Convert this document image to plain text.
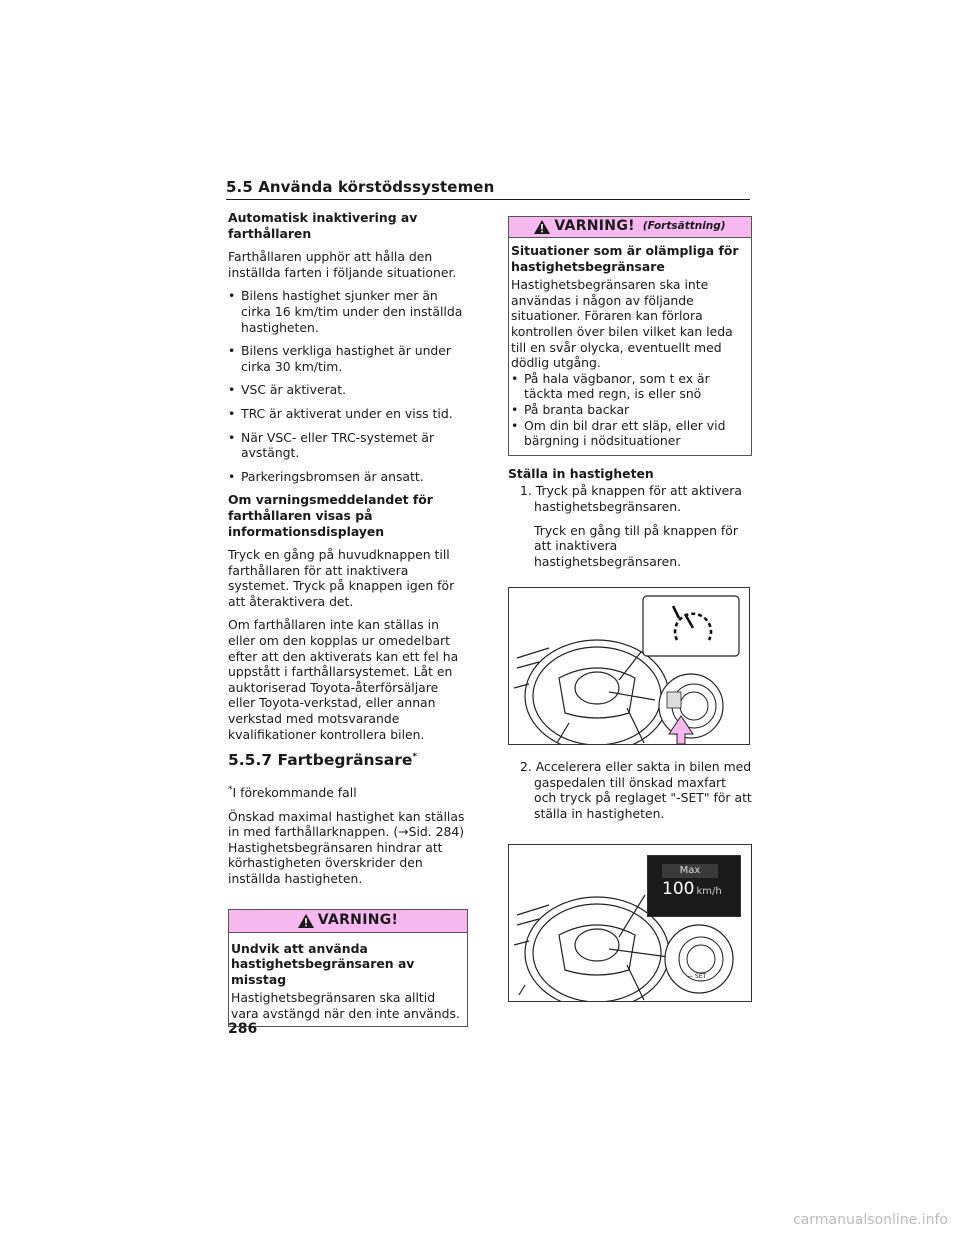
5.5 Använda körstödssystemen
Automatisk inaktivering av farthållaren

Farthållaren upphör att hålla den inställda farten i följande situationer.

• Bilens hastighet sjunker mer än cirka 16 km/tim under den inställda hastigheten.
• Bilens verkliga hastighet är under cirka 30 km/tim.
• VSC är aktiverat.
• TRC är aktiverat under en viss tid.
• När VSC- eller TRC-systemet är avstängt.
• Parkeringsbromsen är ansatt.
Om varningsmeddelandet för farthållaren visas på informationsdisplayen

Tryck en gång på huvudknappen till farthållaren för att inaktivera systemet. Tryck på knappen igen för att återaktivera det.

Om farthållaren inte kan ställas in eller om den kopplas ur omedelbart efter att den aktiverats kan ett fel ha uppstått i farthållarsystemet. Låt en auktoriserad Toyota-återförsäljare eller Toyota-verkstad, eller annan verkstad med motsvarande kvalifikationer kontrollera bilen.

5.5.7 Fartbegränsare*

*I förekommande fall

Önskad maximal hastighet kan ställas in med farthållarknappen. (→Sid. 284) Hastighetsbegränsaren hindrar att körhastigheten överskrider den inställda hastigheten.

VARNING!
Undvik att använda hastighetsbegränsaren av misstag
Hastighetsbegränsaren ska alltid vara avstängd när den inte används.
VARNING! (Fortsättning)
Situationer som är olämpliga för hastighetsbegränsare
Hastighetsbegränsaren ska inte användas i någon av följande situationer. Föraren kan förlora kontrollen över bilen vilket kan leda till en svår olycka, eventuellt med dödlig utgång.
• På hala vägbanor, som t ex är täckta med regn, is eller snö
• På branta backar
• Om din bil drar ett släp, eller vid bärgning i nödsituationer
Ställa in hastigheten

1. Tryck på knappen för att aktivera hastighetsbegränsaren.

Tryck en gång till på knappen för att inaktivera hastighetsbegränsaren.

2. Accelerera eller sakta in bilen med gaspedalen till önskad maxfart och tryck på reglaget "-SET" för att ställa in hastigheten.

Max
100 km/h
— SET
286
carmanualsonline.info
